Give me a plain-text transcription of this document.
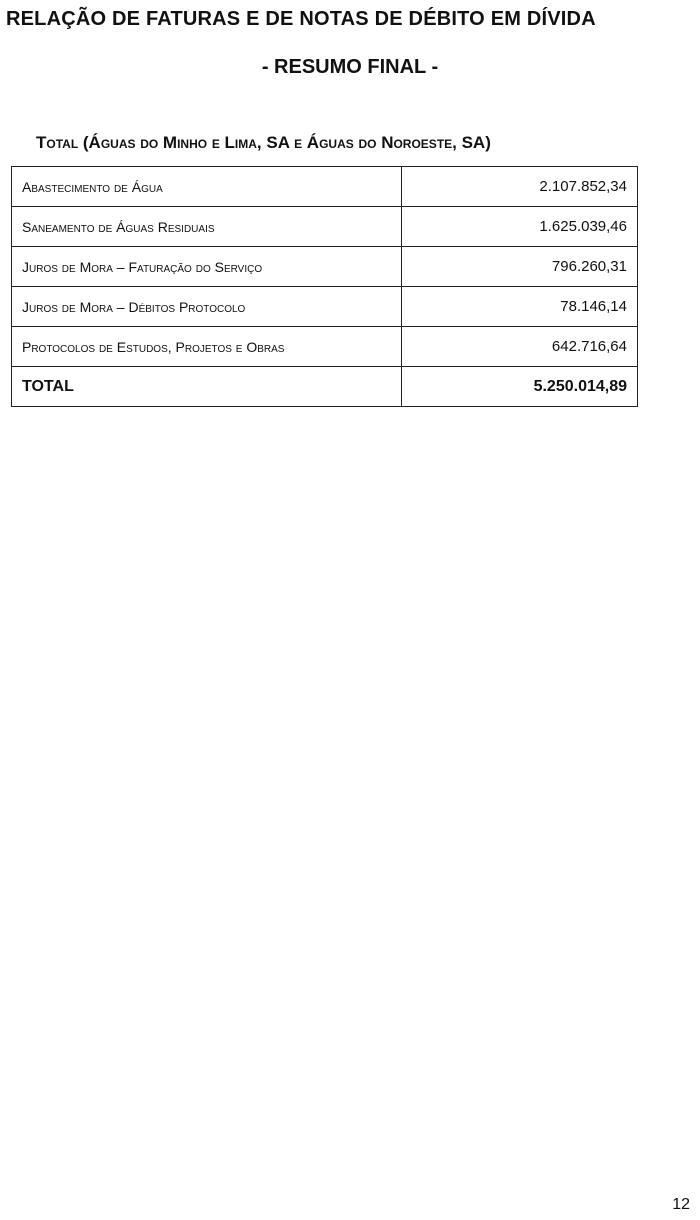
RELAÇÃO DE FATURAS E DE NOTAS DE DÉBITO EM DÍVIDA
- RESUMO FINAL -
Total (Águas do Minho e Lima, SA e Águas do Noroeste, SA)
Abastecimento de Água	2.107.852,34
Saneamento de Águas Residuais	1.625.039,46
Juros de Mora – Faturação do Serviço	796.260,31
Juros de Mora – Débitos Protocolo	78.146,14
Protocolos de Estudos, Projetos e Obras	642.716,64
TOTAL	5.250.014,89
12
